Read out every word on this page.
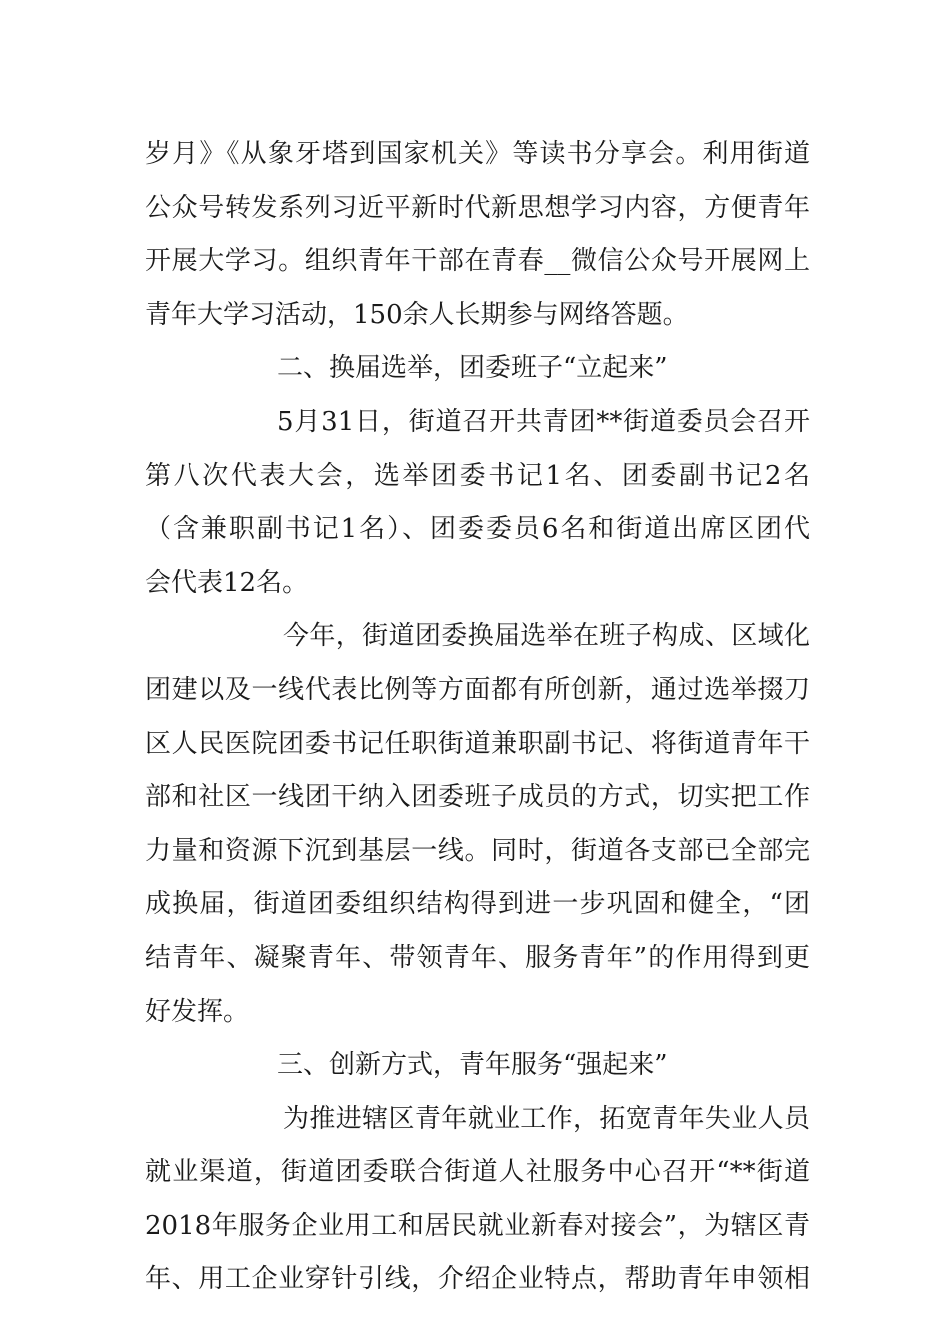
岁月》《从象牙塔到国家机关》等读书分享会。利用街道
公众号转发系列习近平新时代新思想学习内容，方便青年
开展大学习。组织青年干部在青春__微信公众号开展网上
青年大学习活动，150余人长期参与网络答题。
二、换届选举，团委班子“立起来”
5月31日，街道召开共青团**街道委员会召开
第八次代表大会，选举团委书记1名、团委副书记2名
（含兼职副书记1名）、团委委员6名和街道出席区团代
会代表12名。
今年，街道团委换届选举在班子构成、区域化
团建以及一线代表比例等方面都有所创新，通过选举掇刀
区人民医院团委书记任职街道兼职副书记、将街道青年干
部和社区一线团干纳入团委班子成员的方式，切实把工作
力量和资源下沉到基层一线。同时，街道各支部已全部完
成换届，街道团委组织结构得到进一步巩固和健全，“团
结青年、凝聚青年、带领青年、服务青年”的作用得到更
好发挥。
三、创新方式，青年服务“强起来”
为推进辖区青年就业工作，拓宽青年失业人员
就业渠道，街道团委联合街道人社服务中心召开“**街道
2018年服务企业用工和居民就业新春对接会”，为辖区青
年、用工企业穿针引线，介绍企业特点，帮助青年申领相
